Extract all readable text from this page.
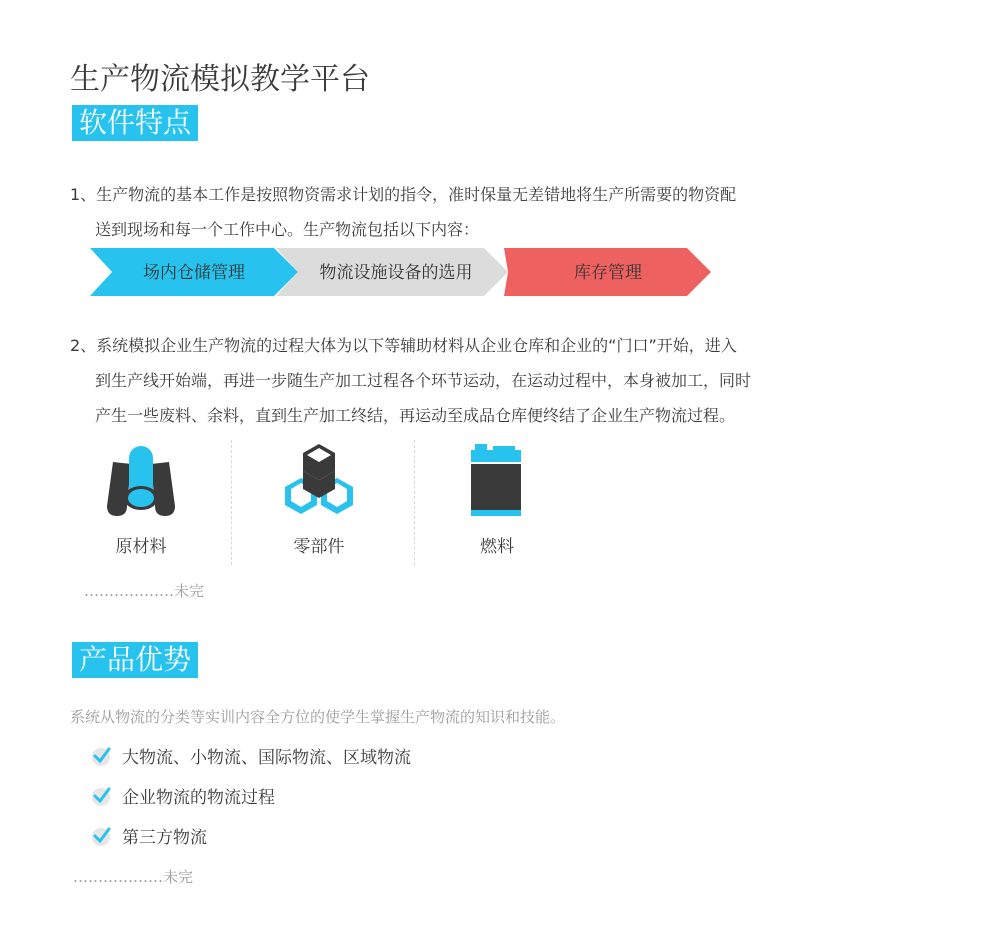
生产物流模拟教学平台
软件特点
1、生产物流的基本工作是按照物资需求计划的指令，准时保量无差错地将生产所需要的物资配
送到现场和每一个工作中心。生产物流包括以下内容：
场内仓储管理	物流设施设备的选用	库存管理
2、系统模拟企业生产物流的过程大体为以下等辅助材料从企业仓库和企业的“门口”开始，进入
到生产线开始端，再进一步随生产加工过程各个环节运动，在运动过程中，本身被加工，同时
产生一些废料、余料，直到生产加工终结，再运动至成品仓库便终结了企业生产物流过程。
原材料	零部件	燃料
………………未完
产品优势
系统从物流的分类等实训内容全方位的使学生掌握生产物流的知识和技能。
大物流、小物流、国际物流、区域物流
企业物流的物流过程
第三方物流
………………未完
